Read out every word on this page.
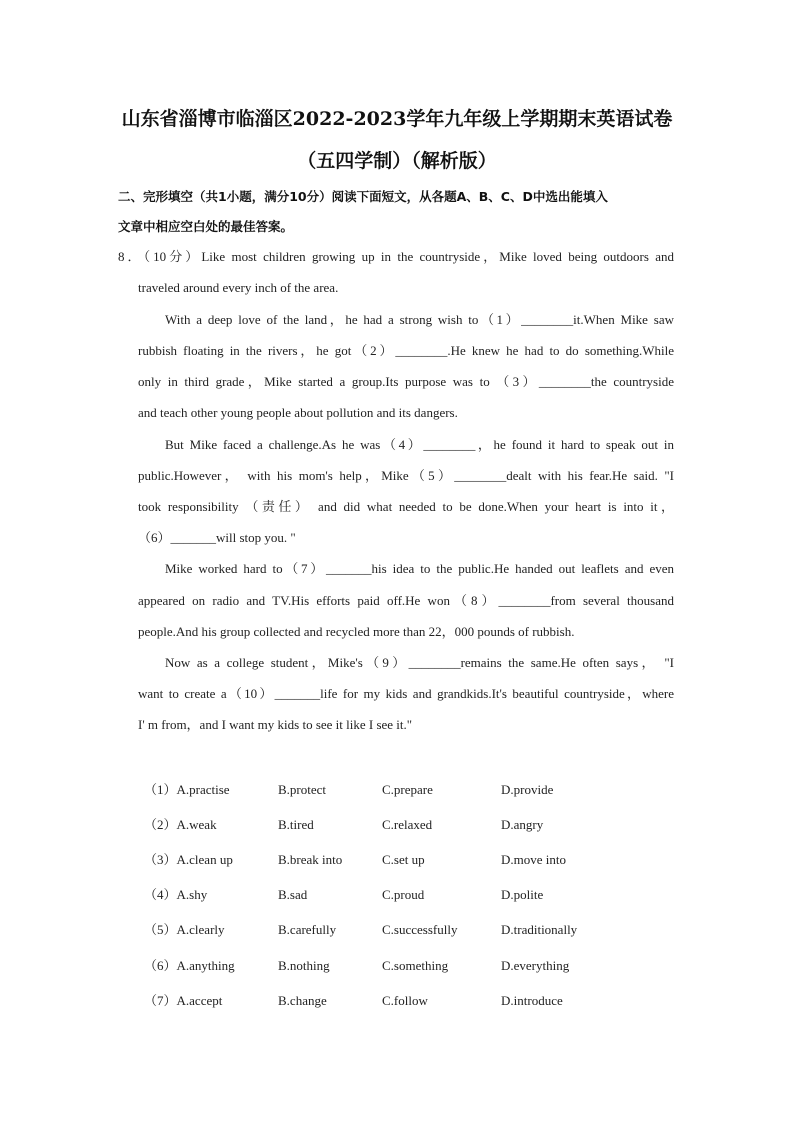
山东省淄博市临淄区2022-2023学年九年级上学期期末英语试卷
（五四学制）（解析版）
二、完形填空（共1小题，满分10分）阅读下面短文，从各题A、B、C、D中选出能填入
文章中相应空白处的最佳答案。
8．（10分）Like most children growing up in the countryside，Mike loved being outdoors and
traveled around every inch of the area.
With a deep love of the land，he had a strong wish to（1）________it.When Mike saw
rubbish floating in the rivers，he got（2）________.He knew he had to do something.While
only in third grade，Mike started a group.Its purpose was to （3）________the countryside
and teach other young people about pollution and its dangers.
But Mike faced a challenge.As he was（4）________，he found it hard to speak out in
public.However， with his mom's help，Mike（5）________dealt with his fear.He said. "I
took responsibility （责任） and did what needed to be done.When your heart is into it，
（6）_______will stop you. "
Mike worked hard to（7）_______his idea to the public.He handed out leaflets and even
appeared on radio and TV.His efforts paid off.He won（8）________from several thousand
people.And his group collected and recycled more than 22，000 pounds of rubbish.
Now as a college student，Mike's（9）________remains the same.He often says， "I
want to create a（10）_______life for my kids and grandkids.It's beautiful countryside，where
I' m from，and I want my kids to see it like I see it."
（1）A.practise	B.protect	C.prepare	D.provide
（2）A.weak	B.tired	C.relaxed	D.angry
（3）A.clean up	B.break into	C.set up	D.move into
（4）A.shy	B.sad	C.proud	D.polite
（5）A.clearly	B.carefully	C.successfully	D.traditionally
（6）A.anything	B.nothing	C.something	D.everything
（7）A.accept	B.change	C.follow	D.introduce
